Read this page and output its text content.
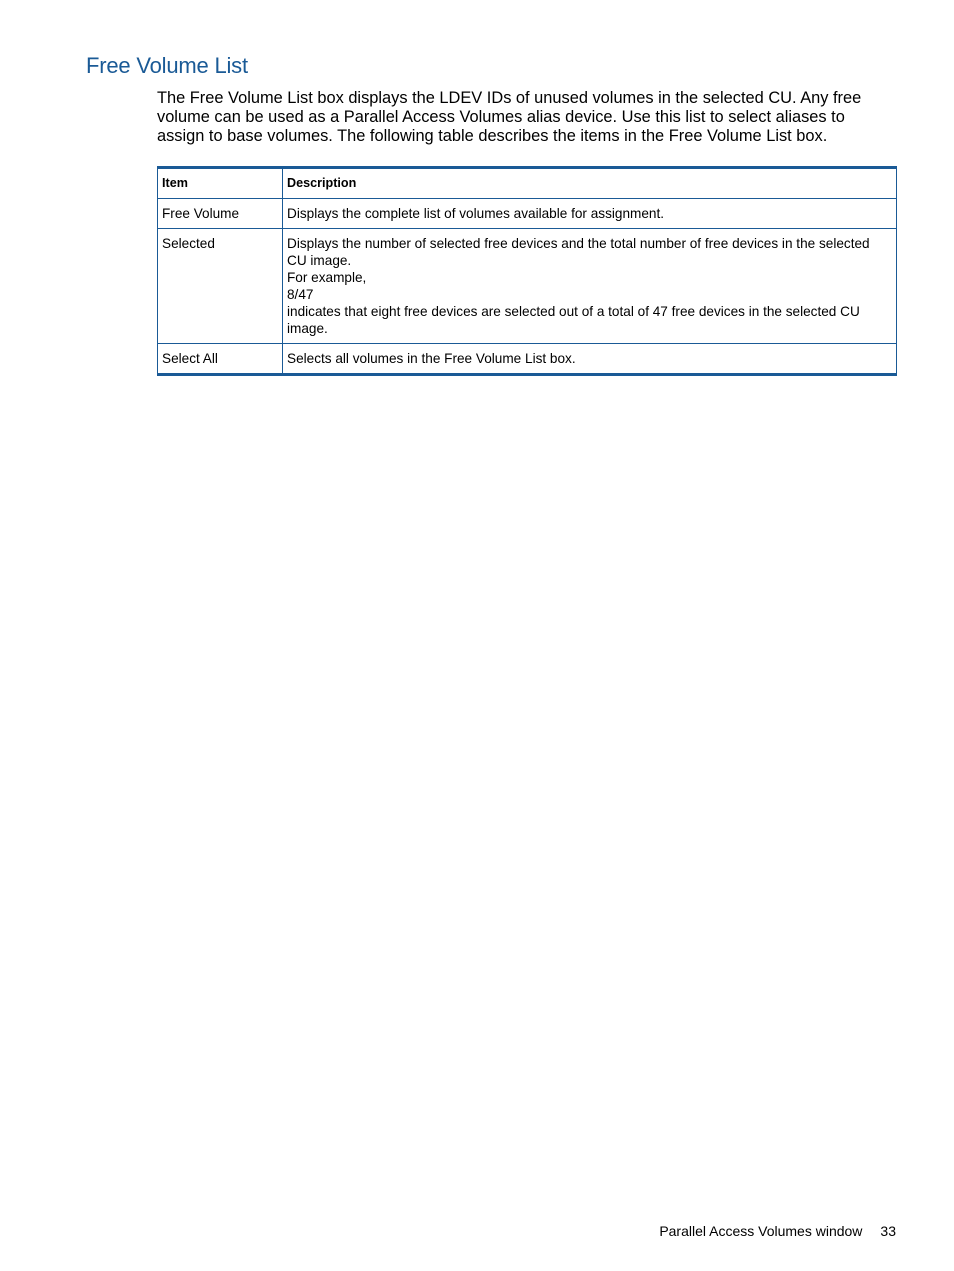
Free Volume List

The Free Volume List box displays the LDEV IDs of unused volumes in the selected CU. Any free volume can be used as a Parallel Access Volumes alias device. Use this list to select aliases to assign to base volumes. The following table describes the items in the Free Volume List box.

Item	Description
Free Volume	Displays the complete list of volumes available for assignment.

Selected	Displays the number of selected free devices and the total number of free devices in the selected CU image.
For example,
8/47
indicates that eight free devices are selected out of a total of 47 free devices in the selected CU image.

Select All	Selects all volumes in the Free Volume List box.
Parallel Access Volumes window 33
